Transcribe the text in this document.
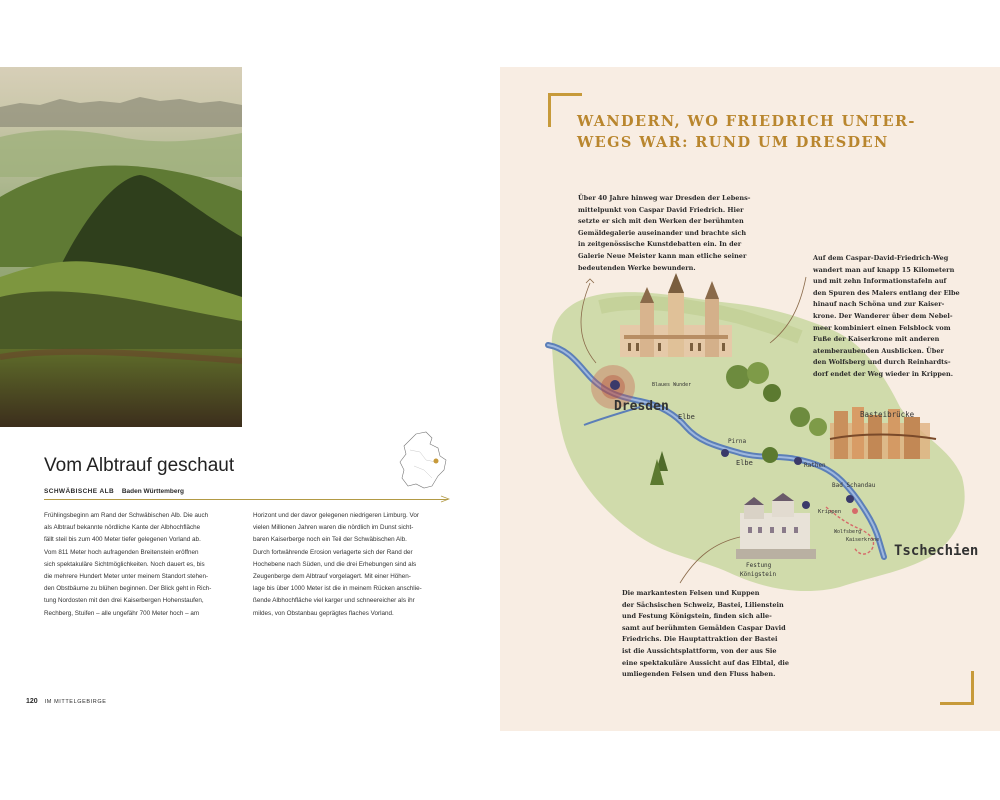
Vom Albtrauf geschaut
SCHWÄBISCHE ALB Baden Württemberg
Frühlingsbeginn am Rand der Schwäbischen Alb. Die auch
als Albtrauf bekannte nördliche Kante der Albhochfläche
fällt steil bis zum 400 Meter tiefer gelegenen Vorland ab.
Vom 811 Meter hoch aufragenden Breitenstein eröffnen
sich spektakuläre Sichtmöglichkeiten. Noch dauert es, bis
die mehrere Hundert Meter unter meinem Standort stehen-
den Obstbäume zu blühen beginnen. Der Blick geht in Rich-
tung Nordosten mit den drei Kaiserbergen Hohenstaufen,
Rechberg, Stuifen – alle ungefähr 700 Meter hoch – am
Horizont und der davor gelegenen niedrigeren Limburg. Vor
vielen Millionen Jahren waren die nördlich im Dunst sicht-
baren Kaiserberge noch ein Teil der Schwäbischen Alb.
Durch fortwährende Erosion verlagerte sich der Rand der
Hochebene nach Süden, und die drei Erhebungen sind als
Zeugenberge dem Albtrauf vorgelagert. Mit einer Höhen-
lage bis über 1000 Meter ist die in meinem Rücken anschlie-
ßende Albhochfläche viel karger und schneereicher als ihr
mildes, von Obstanbau geprägtes flaches Vorland.
120 IM MITTELGEBIRGE
Dresden
Blaues Wunder
Elbe
Elbe
Pirna
Rathen
Basteibrücke
Bad Schandau
Krippen
Wolfsberg
Kaiserkrone
Festung
Königstein
Tschechien
WANDERN, WO FRIEDRICH UNTER-
WEGS WAR: RUND UM DRESDEN
Über 40 Jahre hinweg war Dresden der Lebens-
mittelpunkt von Caspar David Friedrich. Hier
setzte er sich mit den Werken der berühmten
Gemäldegalerie auseinander und brachte sich
in zeitgenössische Kunstdebatten ein. In der
Galerie Neue Meister kann man etliche seiner
bedeutenden Werke bewundern.
Auf dem Caspar-David-Friedrich-Weg
wandert man auf knapp 15 Kilometern
und mit zehn Informationstafeln auf
den Spuren des Malers entlang der Elbe
hinauf nach Schöna und zur Kaiser-
krone. Der Wanderer über dem Nebel-
meer kombiniert einen Felsblock vom
Fuße der Kaiserkrone mit anderen
atemberaubenden Ausblicken. Über
den Wolfsberg und durch Reinhardts-
dorf endet der Weg wieder in Krippen.
Die markantesten Felsen und Kuppen
der Sächsischen Schweiz, Bastei, Lilienstein
und Festung Königstein, finden sich alle-
samt auf berühmten Gemälden Caspar David
Friedrichs. Die Hauptattraktion der Bastei
ist die Aussichtsplattform, von der aus Sie
eine spektakuläre Aussicht auf das Elbtal, die
umliegenden Felsen und den Fluss haben.
